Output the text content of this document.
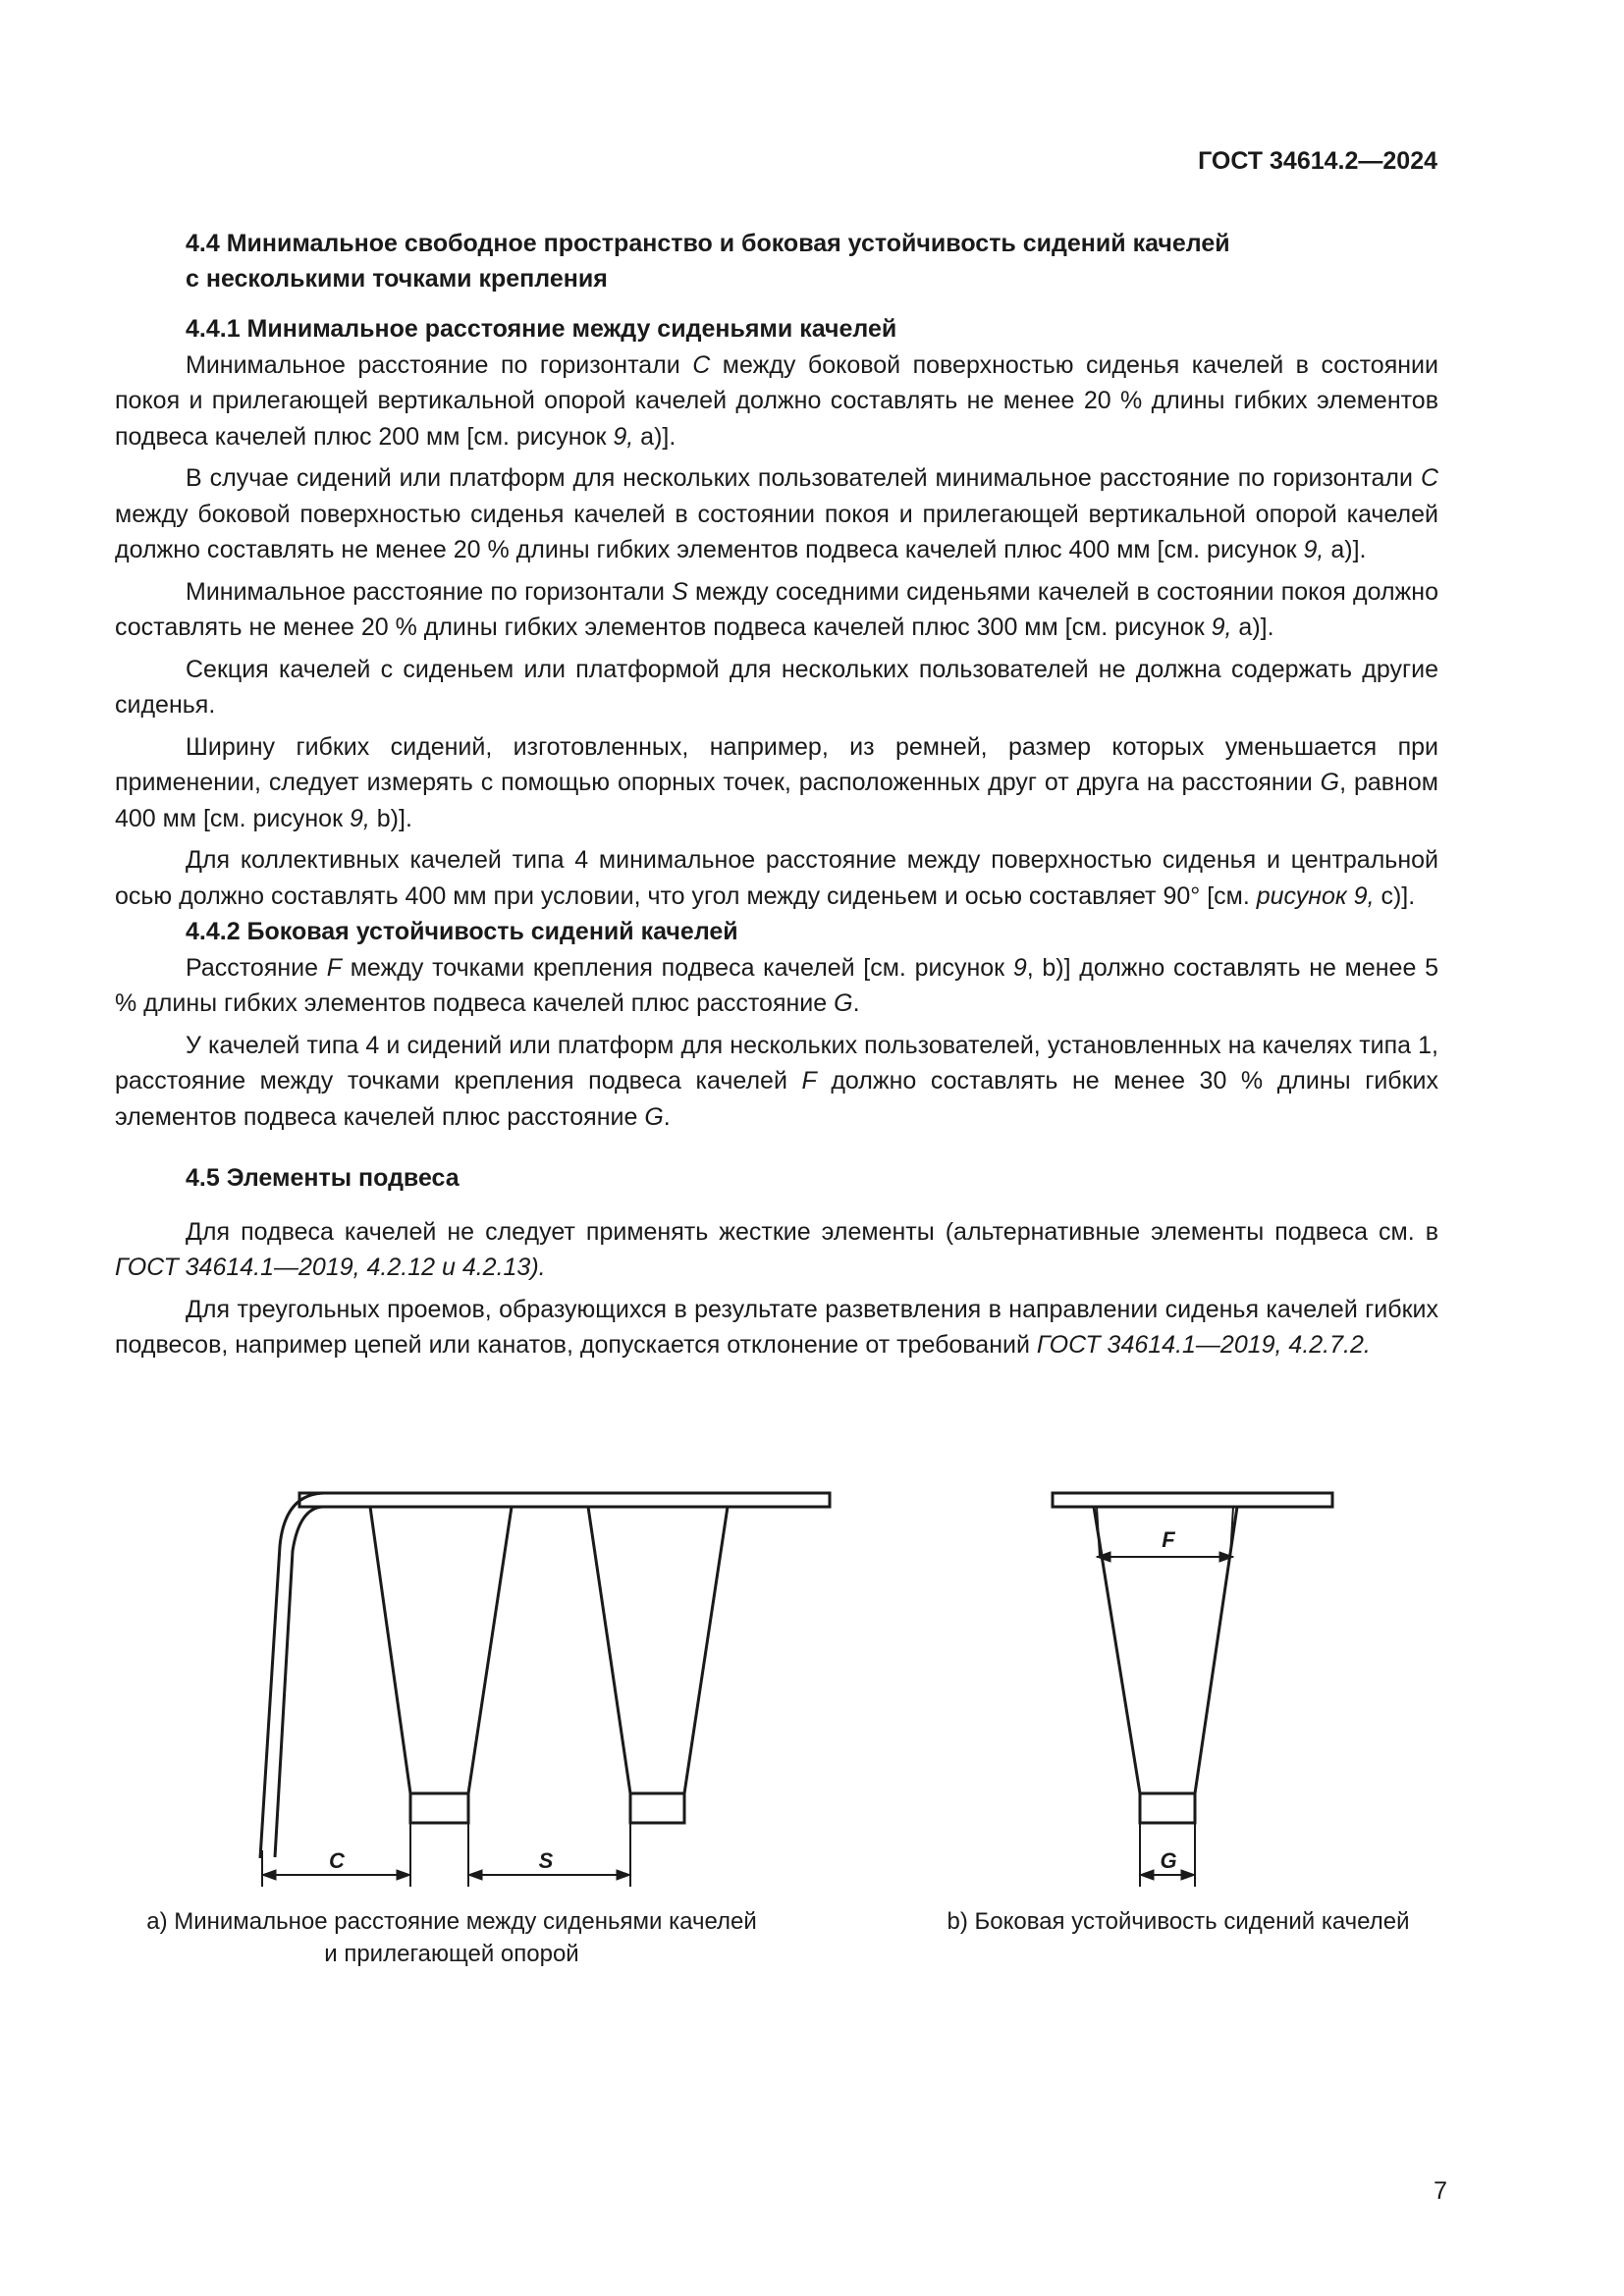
ГОСТ 34614.2—2024
4.4 Минимальное свободное пространство и боковая устойчивость сидений качелей
с несколькими точками крепления
4.4.1 Минимальное расстояние между сиденьями качелей

Минимальное расстояние по горизонтали C между боковой поверхностью сиденья качелей в состоянии покоя и прилегающей вертикальной опорой качелей должно составлять не менее 20 % длины гибких элементов подвеса качелей плюс 200 мм [см. рисунок 9, a)].

В случае сидений или платформ для нескольких пользователей минимальное расстояние по горизонтали C между боковой поверхностью сиденья качелей в состоянии покоя и прилегающей вертикальной опорой качелей должно составлять не менее 20 % длины гибких элементов подвеса качелей плюс 400 мм [см. рисунок 9, a)].

Минимальное расстояние по горизонтали S между соседними сиденьями качелей в состоянии покоя должно составлять не менее 20 % длины гибких элементов подвеса качелей плюс 300 мм [см. рисунок 9, a)].

Секция качелей с сиденьем или платформой для нескольких пользователей не должна содержать другие сиденья.

Ширину гибких сидений, изготовленных, например, из ремней, размер которых уменьшается при применении, следует измерять с помощью опорных точек, расположенных друг от друга на расстоянии G, равном 400 мм [см. рисунок 9, b)].

Для коллективных качелей типа 4 минимальное расстояние между поверхностью сиденья и центральной осью должно составлять 400 мм при условии, что угол между сиденьем и осью составляет 90° [см. рисунок 9, c)].

4.4.2 Боковая устойчивость сидений качелей

Расстояние F между точками крепления подвеса качелей [см. рисунок 9, b)] должно составлять не менее 5 % длины гибких элементов подвеса качелей плюс расстояние G.

У качелей типа 4 и сидений или платформ для нескольких пользователей, установленных на качелях типа 1, расстояние между точками крепления подвеса качелей F должно составлять не менее 30 % длины гибких элементов подвеса качелей плюс расстояние G.

4.5 Элементы подвеса

Для подвеса качелей не следует применять жесткие элементы (альтернативные элементы подвеса см. в ГОСТ 34614.1—2019, 4.2.12 и 4.2.13).

Для треугольных проемов, образующихся в результате разветвления в направлении сиденья качелей гибких подвесов, например цепей или канатов, допускается отклонение от требований ГОСТ 34614.1—2019, 4.2.7.2.

C	S
F
G
a) Минимальное расстояние между сиденьями качелей
и прилегающей опорой
b) Боковая устойчивость сидений качелей
7
